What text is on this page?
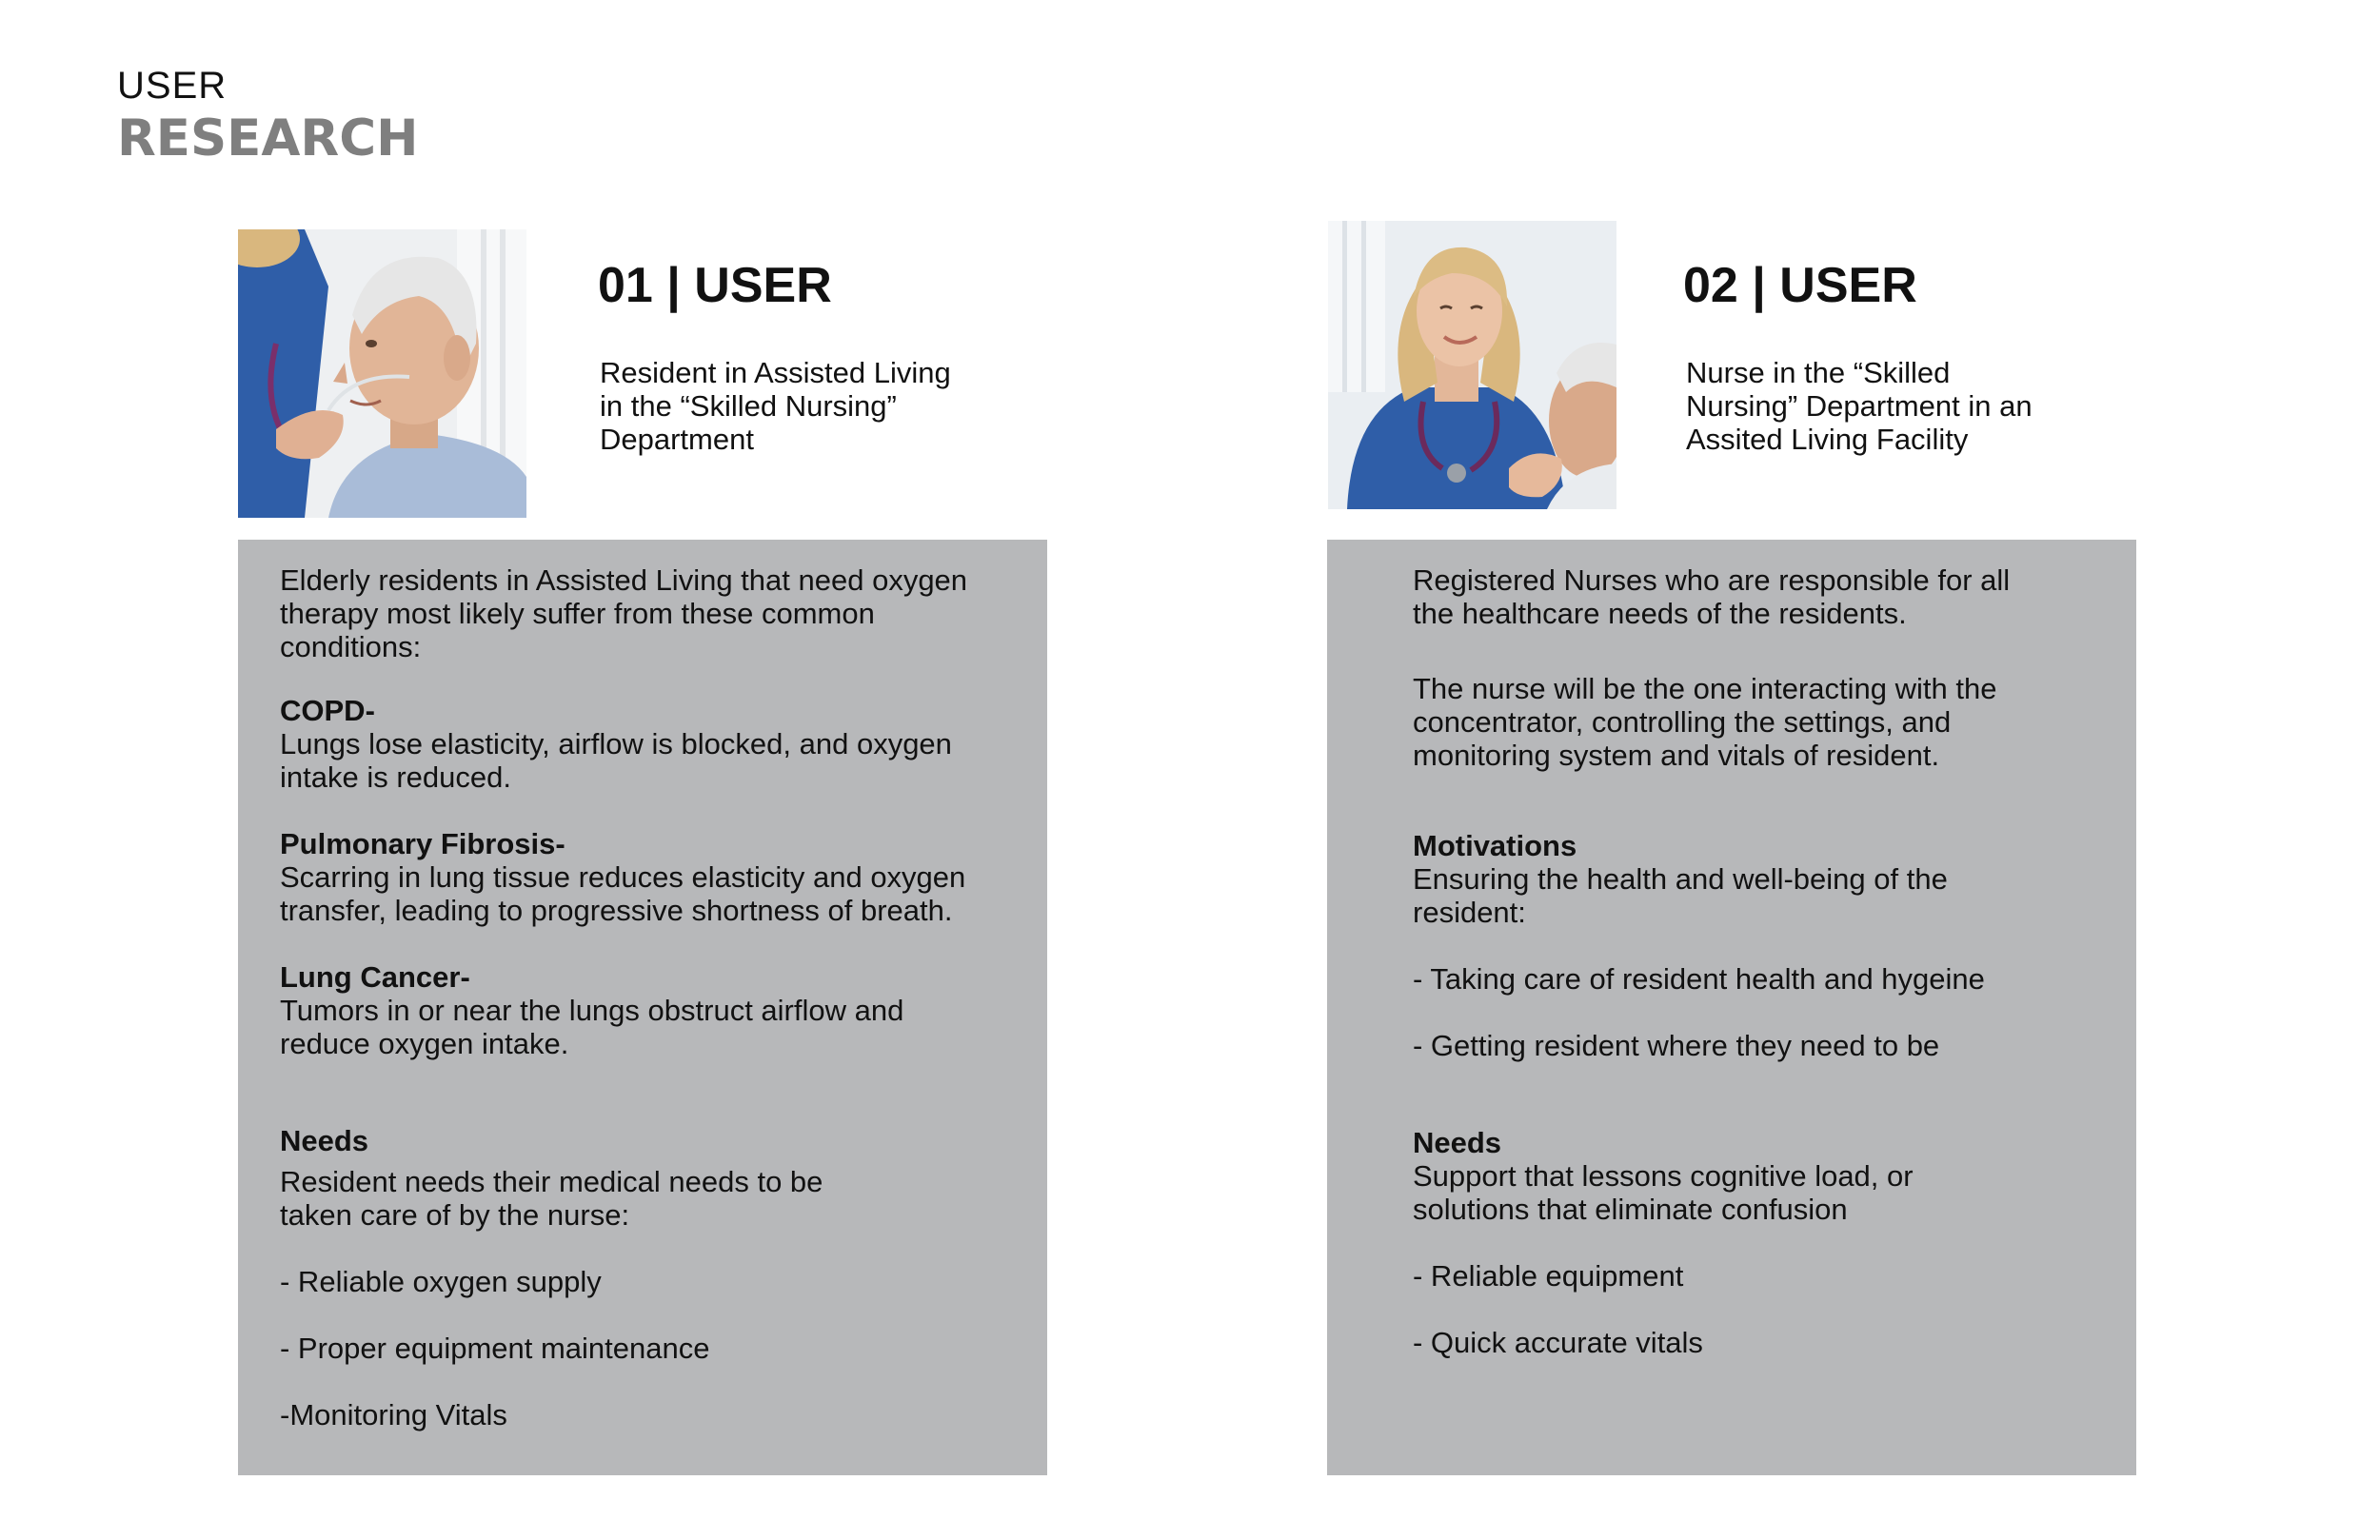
USER
RESEARCH
01 | USER
Resident in Assisted Living
in the “Skilled Nursing”
Department
Elderly residents in Assisted Living that need oxygen
therapy most likely suffer from these common
conditions:
COPD-
Lungs lose elasticity, airflow is blocked, and oxygen
intake is reduced.
Pulmonary Fibrosis-
Scarring in lung tissue reduces elasticity and oxygen
transfer, leading to progressive shortness of breath.
Lung Cancer-
Tumors in or near the lungs obstruct airflow and
reduce oxygen intake.
Needs
Resident needs their medical needs to be
taken care of by the nurse:
- Reliable oxygen supply
- Proper equipment maintenance
-Monitoring Vitals
02 | USER
Nurse in the “Skilled
Nursing” Department in an
Assited Living Facility
Registered Nurses who are responsible for all
the healthcare needs of the residents.
The nurse will be the one interacting with the
concentrator, controlling the settings, and
monitoring system and vitals of resident.
Motivations
Ensuring the health and well-being of the
resident:
- Taking care of resident health and hygeine
- Getting resident where they need to be
Needs
Support that lessons cognitive load, or
solutions that eliminate confusion
- Reliable equipment
- Quick accurate vitals
